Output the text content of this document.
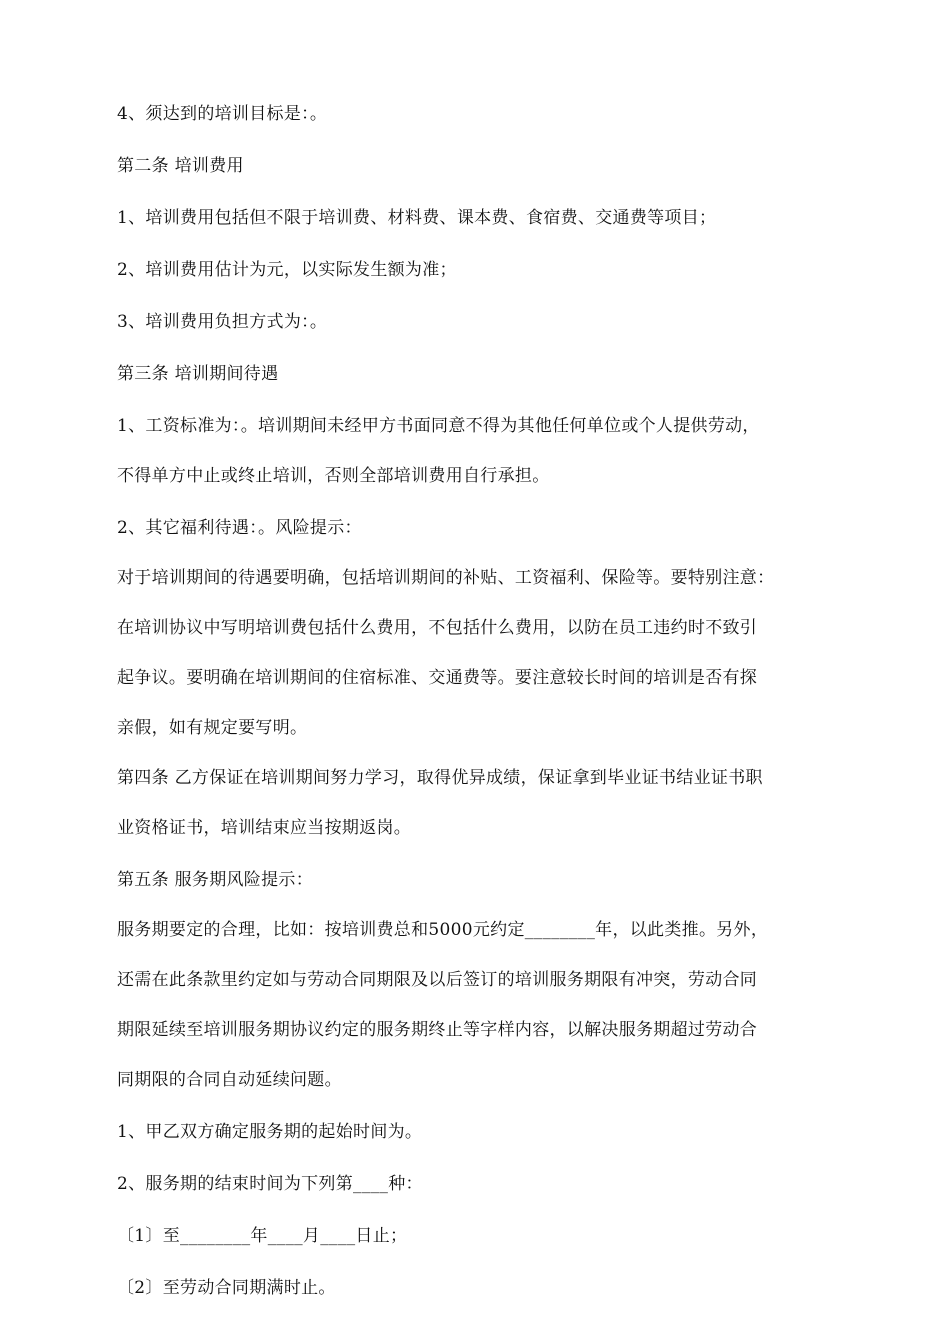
4、须达到的培训目标是：。

第二条 培训费用

1、培训费用包括但不限于培训费、材料费、课本费、食宿费、交通费等项目；

2、培训费用估计为元，以实际发生额为准；

3、培训费用负担方式为：。

第三条 培训期间待遇

1、工资标准为：。培训期间未经甲方书面同意不得为其他任何单位或个人提供劳动，

不得单方中止或终止培训，否则全部培训费用自行承担。

2、其它福利待遇：。风险提示：

对于培训期间的待遇要明确，包括培训期间的补贴、工资福利、保险等。要特别注意：

在培训协议中写明培训费包括什么费用，不包括什么费用，以防在员工违约时不致引

起争议。要明确在培训期间的住宿标准、交通费等。要注意较长时间的培训是否有探

亲假，如有规定要写明。

第四条 乙方保证在培训期间努力学习，取得优异成绩，保证拿到毕业证书结业证书职

业资格证书，培训结束应当按期返岗。

第五条 服务期风险提示：

服务期要定的合理，比如：按培训费总和5000元约定________年，以此类推。另外，

还需在此条款里约定如与劳动合同期限及以后签订的培训服务期限有冲突，劳动合同

期限延续至培训服务期协议约定的服务期终止等字样内容，以解决服务期超过劳动合

同期限的合同自动延续问题。

1、甲乙双方确定服务期的起始时间为。

2、服务期的结束时间为下列第____种：

〔1〕至________年____月____日止；

〔2〕至劳动合同期满时止。
